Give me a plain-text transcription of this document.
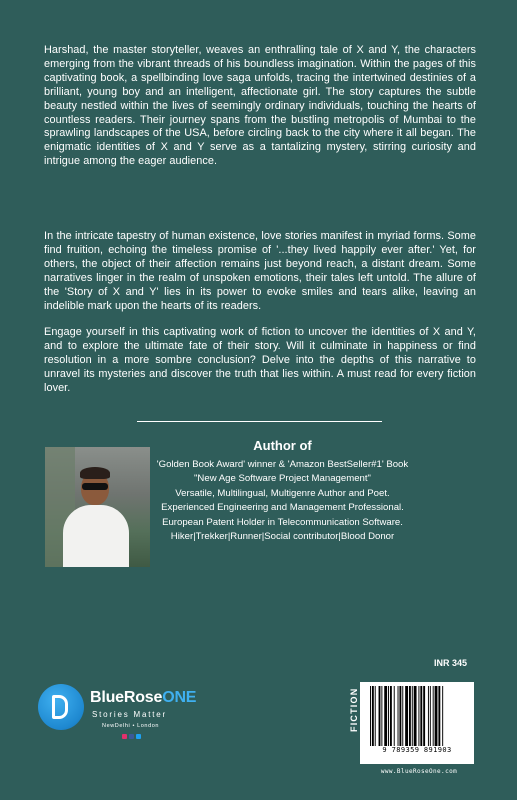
Harshad, the master storyteller, weaves an enthralling tale of X and Y, the characters emerging from the vibrant threads of his boundless imagination. Within the pages of this captivating book, a spellbinding love saga unfolds, tracing the intertwined destinies of a brilliant, young boy and an intelligent, affectionate girl. The story captures the subtle beauty nestled within the lives of seemingly ordinary individuals, touching the hearts of countless readers. Their journey spans from the bustling metropolis of Mumbai to the sprawling landscapes of the USA, before circling back to the city where it all began. The enigmatic identities of X and Y serve as a tantalizing mystery, stirring curiosity and intrigue among the eager audience.

In the intricate tapestry of human existence, love stories manifest in myriad forms. Some find fruition, echoing the timeless promise of '...they lived happily ever after.' Yet, for others, the object of their affection remains just beyond reach, a distant dream. Some narratives linger in the realm of unspoken emotions, their tales left untold. The allure of the 'Story of X and Y' lies in its power to evoke smiles and tears alike, leaving an indelible mark upon the hearts of its readers.

Engage yourself in this captivating work of fiction to uncover the identities of X and Y, and to explore the ultimate fate of their story. Will it culminate in happiness or find resolution in a more sombre conclusion? Delve into the depths of this narrative to unravel its mysteries and discover the truth that lies within. A must read for every fiction lover.

Author of
'Golden Book Award' winner & 'Amazon BestSeller#1' Book
"New Age Software Project Management"
Versatile, Multilingual, Multigenre Author and Poet.
Experienced Engineering and Management Professional.
European Patent Holder in Telecommunication Software.
Hiker|Trekker|Runner|Social contributor|Blood Donor
BlueRoseONE
Stories Matter
NewDelhi • London
INR 345
FICTION
9 789359 891903
www.BlueRoseOne.com
